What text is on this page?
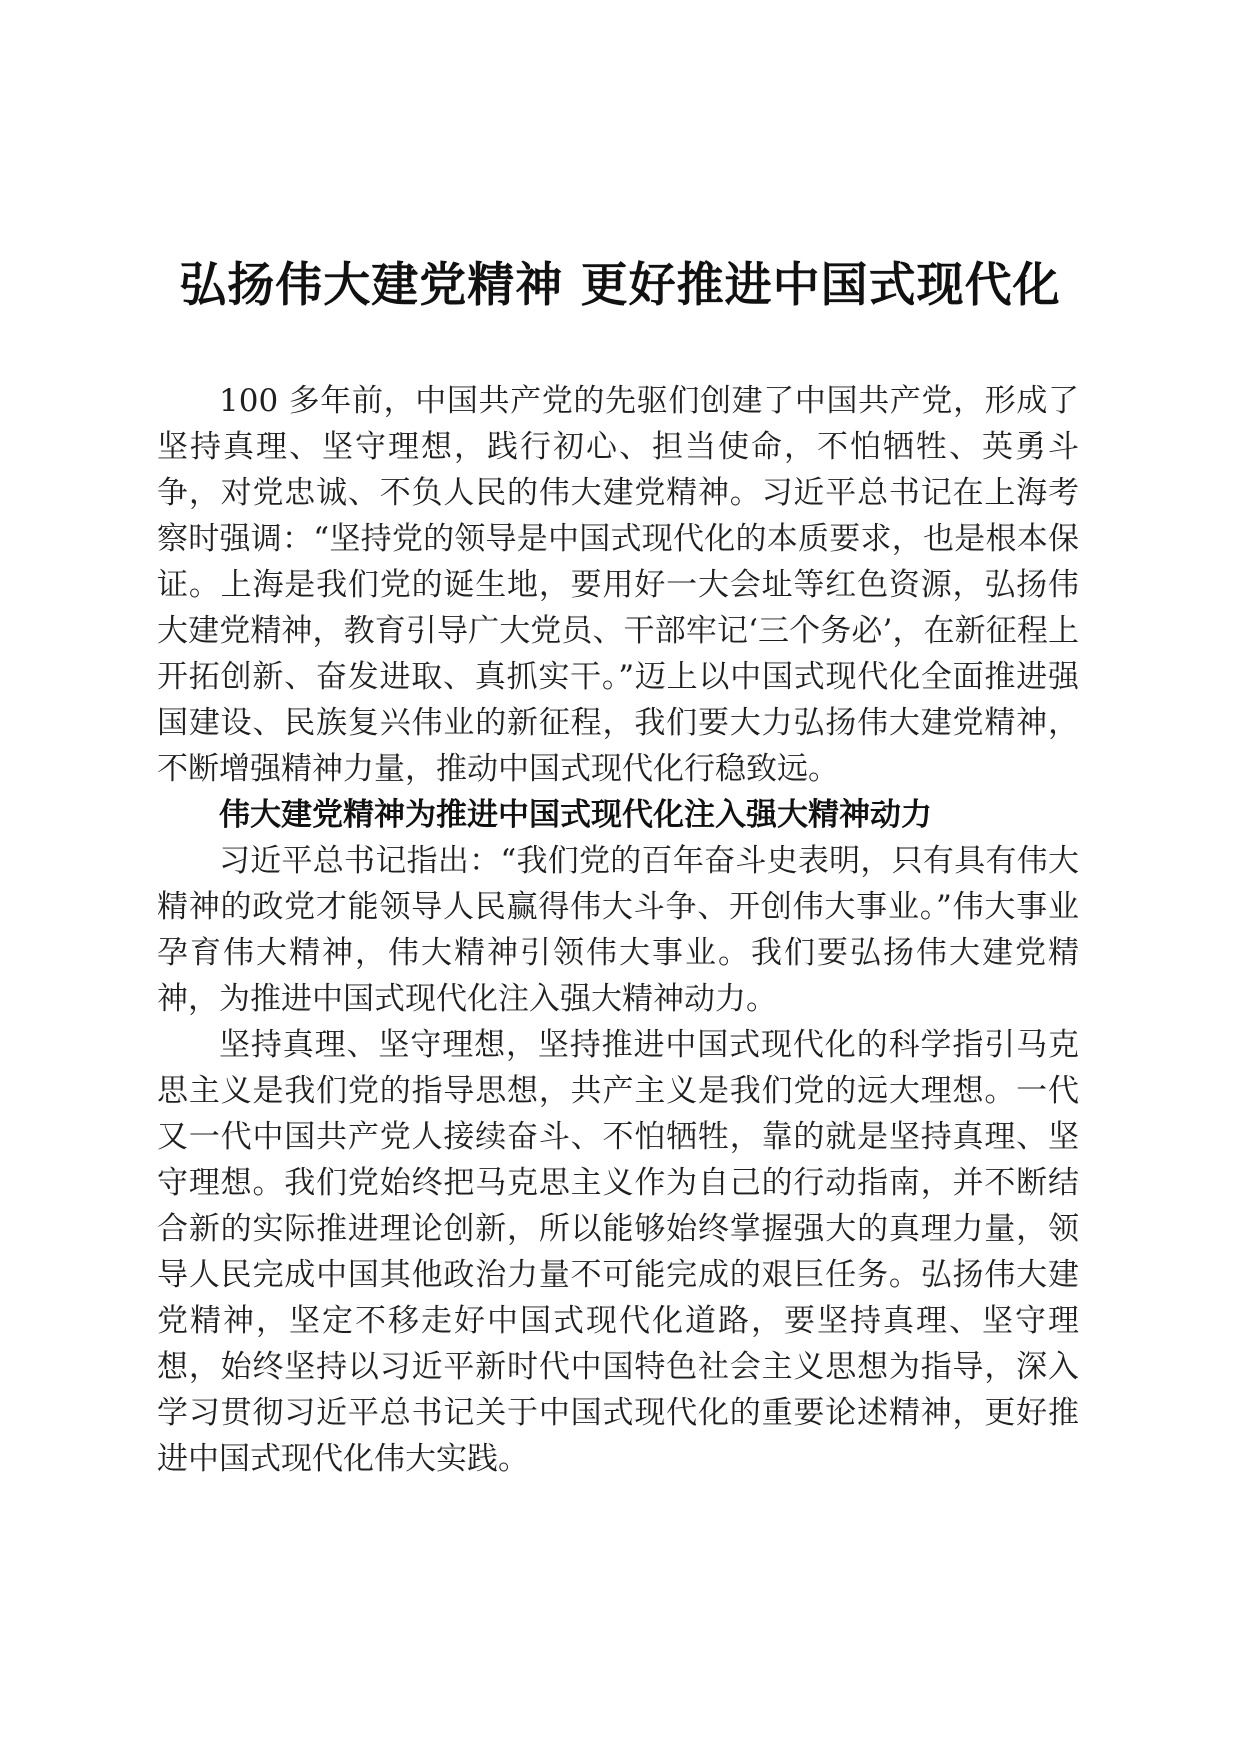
弘扬伟大建党精神 更好推进中国式现代化

100 多年前，中国共产党的先驱们创建了中国共产党，形成了坚持真理、坚守理想，践行初心、担当使命，不怕牺牲、英勇斗争，对党忠诚、不负人民的伟大建党精神。习近平总书记在上海考察时强调：“坚持党的领导是中国式现代化的本质要求，也是根本保证。上海是我们党的诞生地，要用好一大会址等红色资源，弘扬伟大建党精神，教育引导广大党员、干部牢记‘三个务必’，在新征程上开拓创新、奋发进取、真抓实干。”迈上以中国式现代化全面推进强国建设、民族复兴伟业的新征程，我们要大力弘扬伟大建党精神，不断增强精神力量，推动中国式现代化行稳致远。

伟大建党精神为推进中国式现代化注入强大精神动力

习近平总书记指出：“我们党的百年奋斗史表明，只有具有伟大精神的政党才能领导人民赢得伟大斗争、开创伟大事业。”伟大事业孕育伟大精神，伟大精神引领伟大事业。我们要弘扬伟大建党精神，为推进中国式现代化注入强大精神动力。

坚持真理、坚守理想，坚持推进中国式现代化的科学指引马克思主义是我们党的指导思想，共产主义是我们党的远大理想。一代又一代中国共产党人接续奋斗、不怕牺牲，靠的就是坚持真理、坚守理想。我们党始终把马克思主义作为自己的行动指南，并不断结合新的实际推进理论创新，所以能够始终掌握强大的真理力量，领导人民完成中国其他政治力量不可能完成的艰巨任务。弘扬伟大建党精神，坚定不移走好中国式现代化道路，要坚持真理、坚守理想，始终坚持以习近平新时代中国特色社会主义思想为指导，深入学习贯彻习近平总书记关于中国式现代化的重要论述精神，更好推进中国式现代化伟大实践。
